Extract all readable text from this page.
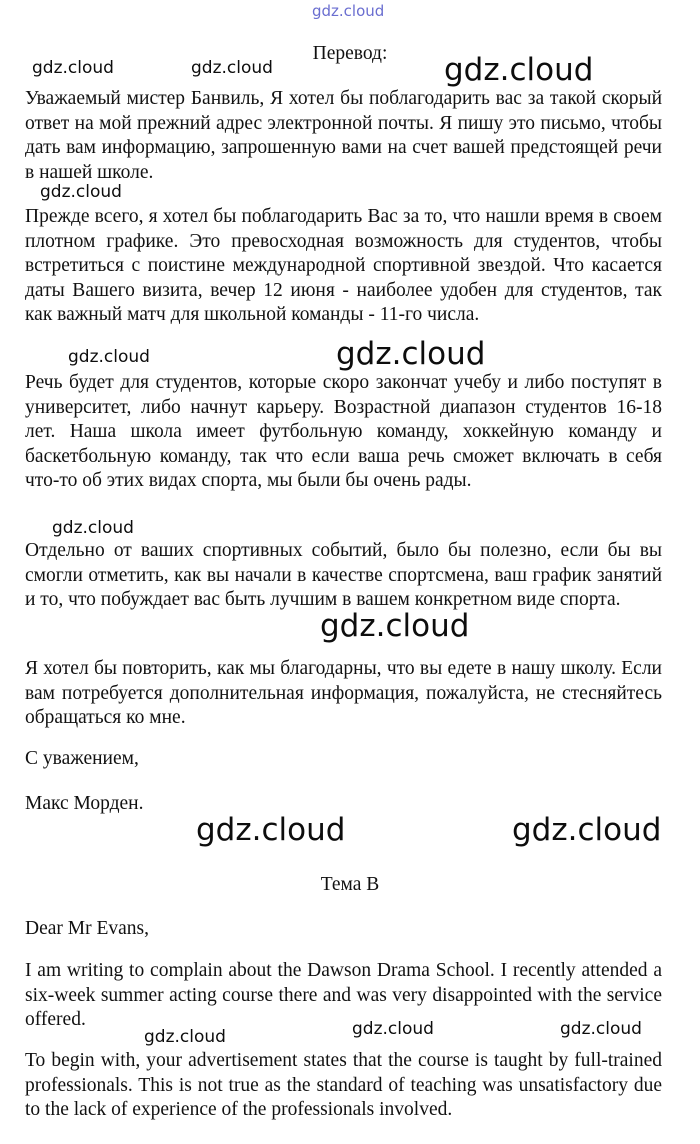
gdz.cloud
Перевод:
gdz.cloud	gdz.cloud	gdz.cloud

Уважаемый мистер Банвиль, Я хотел бы поблагодарить вас за такой скорый ответ на мой прежний адрес электронной почты. Я пишу это письмо, чтобы дать вам информацию, запрошенную вами на счет вашей предстоящей речи в нашей школе.

gdz.cloud

Прежде всего, я хотел бы поблагодарить Вас за то, что нашли время в своем плотном графике. Это превосходная возможность для студентов, чтобы встретиться с поистине международной спортивной звездой. Что касается даты Вашего визита, вечер 12 июня - наиболее удобен для студентов, так как важный матч для школьной команды - 11-го числа.

gdz.cloud	gdz.cloud

Речь будет для студентов, которые скоро закончат учебу и либо поступят в университет, либо начнут карьеру. Возрастной диапазон студентов 16-18 лет. Наша школа имеет футбольную команду, хоккейную команду и баскетбольную команду, так что если ваша речь сможет включать в себя что-то об этих видах спорта, мы были бы очень рады.

gdz.cloud

Отдельно от ваших спортивных событий, было бы полезно, если бы вы смогли отметить, как вы начали в качестве спортсмена, ваш график занятий и то, что побуждает вас быть лучшим в вашем конкретном виде спорта.

gdz.cloud

Я хотел бы повторить, как мы благодарны, что вы едете в нашу школу. Если вам потребуется дополнительная информация, пожалуйста, не стесняйтесь обращаться ко мне.

С уважением,

Макс Морден.

gdz.cloud	gdz.cloud
Тема В

Dear Mr Evans,

I am writing to complain about the Dawson Drama School. I recently attended a six-week summer acting course there and was very disappointed with the service offered.	gdz.cloud	gdz.cloud
gdz.cloud

To begin with, your advertisement states that the course is taught by full-trained professionals. This is not true as the standard of teaching was unsatisfactory due to the lack of experience of the professionals involved.
